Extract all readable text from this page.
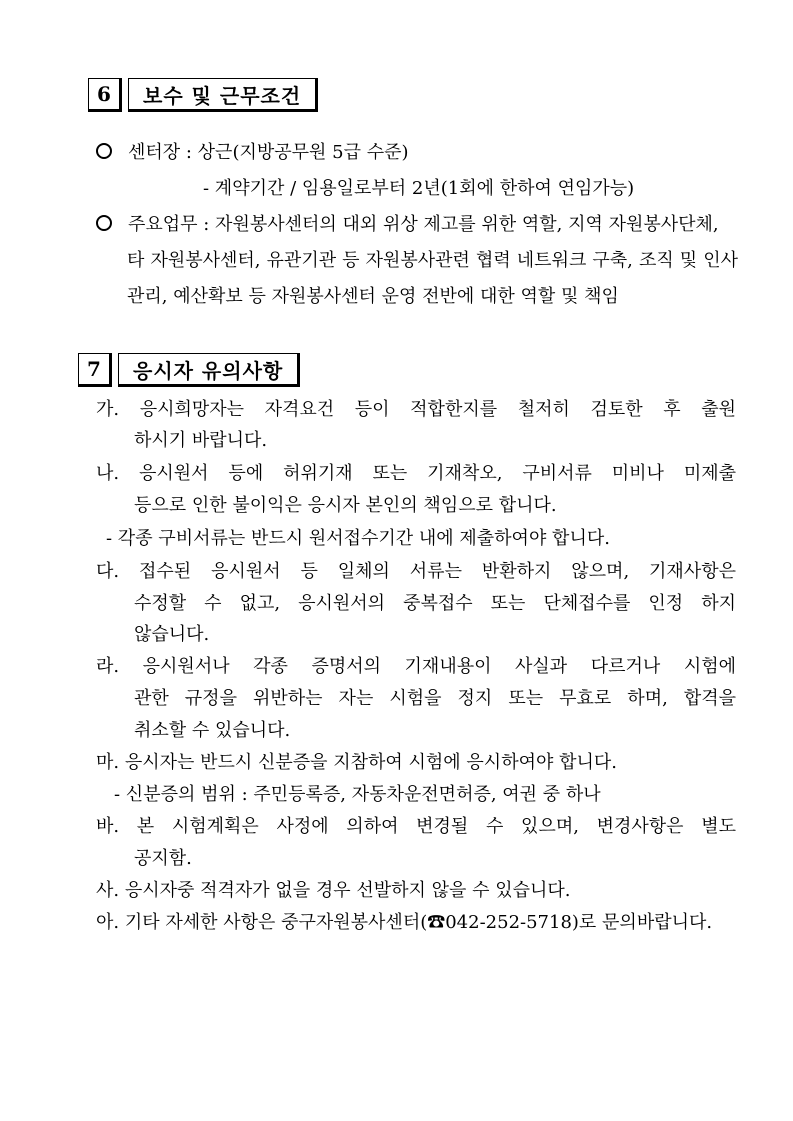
6	보수 및 근무조건
센터장 : 상근(지방공무원 5급 수준)
- 계약기간 / 임용일로부터 2년(1회에 한하여 연임가능)
주요업무 : 자원봉사센터의 대외 위상 제고를 위한 역할, 지역 자원봉사단체,
타 자원봉사센터, 유관기관 등 자원봉사관련 협력 네트워크 구축, 조직 및 인사
관리, 예산확보 등 자원봉사센터 운영 전반에 대한 역할 및 책임
7	응시자 유의사항
가. 응시희망자는 자격요건 등이 적합한지를 철저히 검토한 후 출원
하시기 바랍니다.
나. 응시원서 등에 허위기재 또는 기재착오, 구비서류 미비나 미제출
등으로 인한 불이익은 응시자 본인의 책임으로 합니다.
- 각종 구비서류는 반드시 원서접수기간 내에 제출하여야 합니다.
다. 접수된 응시원서 등 일체의 서류는 반환하지 않으며, 기재사항은
수정할 수 없고, 응시원서의 중복접수 또는 단체접수를 인정 하지
않습니다.
라. 응시원서나 각종 증명서의 기재내용이 사실과 다르거나 시험에
관한 규정을 위반하는 자는 시험을 정지 또는 무효로 하며, 합격을
취소할 수 있습니다.
마. 응시자는 반드시 신분증을 지참하여 시험에 응시하여야 합니다.
- 신분증의 범위 : 주민등록증, 자동차운전면허증, 여권 중 하나
바. 본 시험계획은 사정에 의하여 변경될 수 있으며, 변경사항은 별도
공지함.
사. 응시자중 적격자가 없을 경우 선발하지 않을 수 있습니다.
아. 기타 자세한 사항은 중구자원봉사센터(☎042-252-5718)로 문의바랍니다.
